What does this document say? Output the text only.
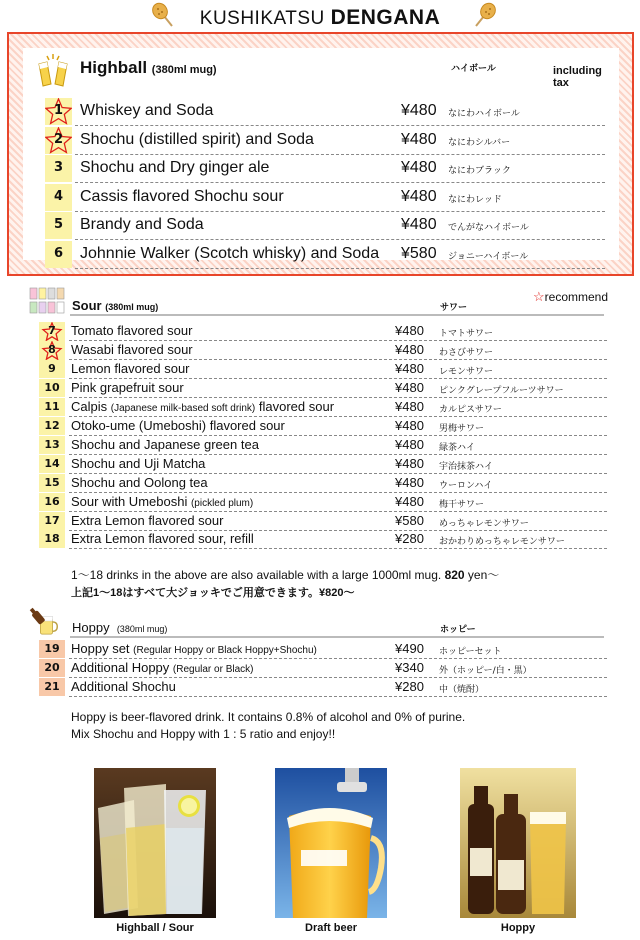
KUSHIKATSU DENGANA
Highball (380ml mug)	ハイボール	including tax
1	Whiskey and Soda	¥480 なにわハイボール
2	Shochu (distilled spirit) and Soda	¥480 なにわシルバー
3	Shochu and Dry ginger ale	¥480 なにわブラック
4	Cassis flavored Shochu sour	¥480 なにわレッド
5	Brandy and Soda	¥480 でんがなハイボール
6	Johnnie Walker (Scotch whisky) and Soda ¥580 ジョニーハイボール
☆recommend
Sour (380ml mug)	サワー
7	Tomato flavored sour	¥480 トマトサワー
8	Wasabi flavored sour	¥480 わさびサワー
9	Lemon flavored sour	¥480 レモンサワー
10 Pink grapefruit sour	¥480 ピンクグレープフルーツサワー
11 Calpis (Japanese milk-based soft drink) flavored sour	¥480 カルピスサワー
12 Otoko-ume (Umeboshi) flavored sour	¥480 男梅サワー
13 Shochu and Japanese green tea	¥480 緑茶ハイ
14 Shochu and Uji Matcha	¥480 宇治抹茶ハイ
15 Shochu and Oolong tea	¥480 ウーロンハイ
16 Sour with Umeboshi (pickled plum)	¥480 梅干サワー
17 Extra Lemon flavored sour	¥580 めっちゃレモンサワー
18 Extra Lemon flavored sour, refill	¥280 おかわりめっちゃレモンサワー
1～18 drinks in the above are also available with a large 1000ml mug. 820 yen～
上記1～18はすべて大ジョッキでご用意できます。¥820～
Hoppy (380ml mug)	ホッピー
19 Hoppy set (Regular Hoppy or Black Hoppy+Shochu)	¥490 ホッピーセット
20 Additional Hoppy (Regular or Black)	¥340 外（ホッピー/白・黒）
21 Additional Shochu	¥280 中（焼酎）
Hoppy is beer-flavored drink. It contains 0.8% of alcohol and 0% of purine.
Mix Shochu and Hoppy with 1 : 5 ratio and enjoy!!
Highball / Sour	Draft beer	Hoppy
